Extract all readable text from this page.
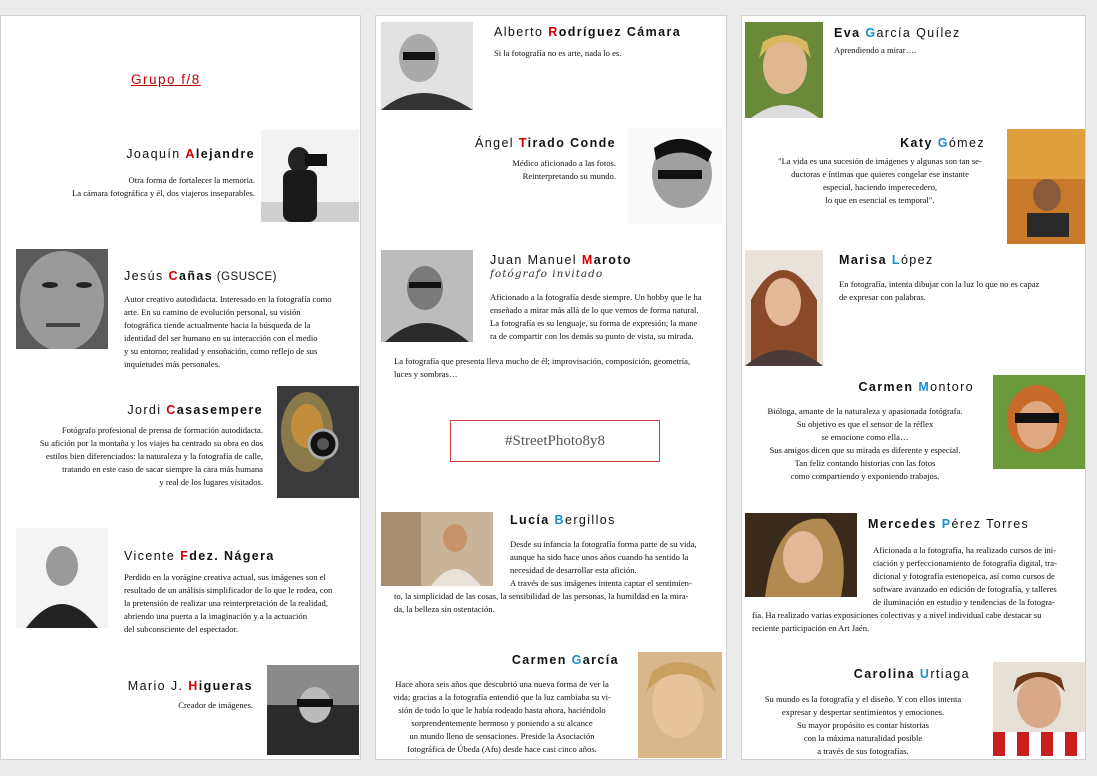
Grupo f/8
Joaquín Alejandre
Otra forma de fortalecer la memoria.
La cámara fotográfica y él, dos viajeros inseparables.
Jesús Cañas (GSUSCE)
Autor creativo autodidacta. Interesado en la fotografía como
arte. En su camino de evolución personal, su visión
fotográfica tiende actualmente hacia la búsqueda de la
identidad del ser humano en su interacción con el medio
y su entorno; realidad y ensoñación, como reflejo de sus
inquietudes más personales.
Jordi Casasempere
Fotógrafo profesional de prensa de formación autodidacta.
Su afición por la montaña y los viajes ha centrado su obra en dos
estilos bien diferenciados: la naturaleza y la fotografía de calle,
tratando en este caso de sacar siempre la cara más humana
y real de los lugares visitados.
Vicente Fdez. Nágera
Perdido en la vorágine creativa actual, sus imágenes son el
resultado de un análisis simplificador de lo que le rodea, con
la pretensión de realizar una reinterpretación de la realidad,
abriendo una puerta a la imaginación y a la actuación
del subconsciente del espectador.
Mario J. Higueras
Creador de imágenes.
Alberto Rodríguez Cámara
Si la fotografía no es arte, nada lo es.
Ángel Tirado Conde
Médico aficionado a las fotos.
Reinterpretando su mundo.
Juan Manuel Maroto
fotógrafo invitado
Aficionado a la fotografía desde siempre. Un hobby que le ha
enseñado a mirar más allá de lo que vemos de forma natural.
La fotografía es su lenguaje, su forma de expresión; la mane
ra de compartir con los demás su punto de vista, su mirada.
La fotografía que presenta lleva mucho de él; improvisación, composición, geometría,
luces y sombras…
#StreetPhoto8y8
Lucía Bergillos
Desde su infancia la fotografía forma parte de su vida,
aunque ha sido hace unos años cuando ha sentido la
necesidad de desarrollar esta afición.
A través de sus imágenes intenta captar el sentimien-
to, la simplicidad de las cosas, la sensibilidad de las personas, la humildad en la mira-
da, la belleza sin ostentación.
Carmen García
Hace ahora seis años que descubrió una nueva forma de ver la
vida; gracias a la fotografía entendió que la luz cambiaba su vi-
sión de todo lo que le había rodeado hasta ahora, haciéndolo
sorprendentemente hermoso y poniendo a su alcance
un mundo lleno de sensaciones. Preside la Asociación
fotográfica de Úbeda (Afu) desde hace casi cinco años.
Eva García Quílez
Aprendiendo a mirar….
Katy Gómez
"La vida es una sucesión de imágenes y algunas son tan se-
ductoras e íntimas que quieres congelar ese instante
especial, haciendo imperecedero,
lo que en esencial es temporal".
Marisa López
En fotografía, intenta dibujar con la luz lo que no es capaz
de expresar con palabras.
Carmen Montoro
Bióloga, amante de la naturaleza y apasionada fotógrafa.
Su objetivo es que el sensor de la réflex
se emocione como ella…
Sus amigos dicen que su mirada es diferente y especial.
Tan feliz contando historias con las fotos
como compartiendo y exponiendo trabajos.
Mercedes Pérez Torres
Aficionada a la fotografía, ha realizado cursos de ini-
ciación y perfeccionamiento de fotografía digital, tra-
dicional y fotografía estenopeica, así como cursos de
software avanzado en edición de fotografía, y talleres
de iluminación en estudio y tendencias de la fotogra-
fía. Ha realizado varias exposiciones colectivas y a nivel individual cabe destacar su
reciente participación en Art Jaén.
Carolina Urtiaga
Su mundo es la fotografía y el diseño. Y con ellos intenta
expresar y despertar sentimientos y emociones.
Su mayor propósito es contar historias
con la máxima naturalidad posible
a través de sus fotografías.
